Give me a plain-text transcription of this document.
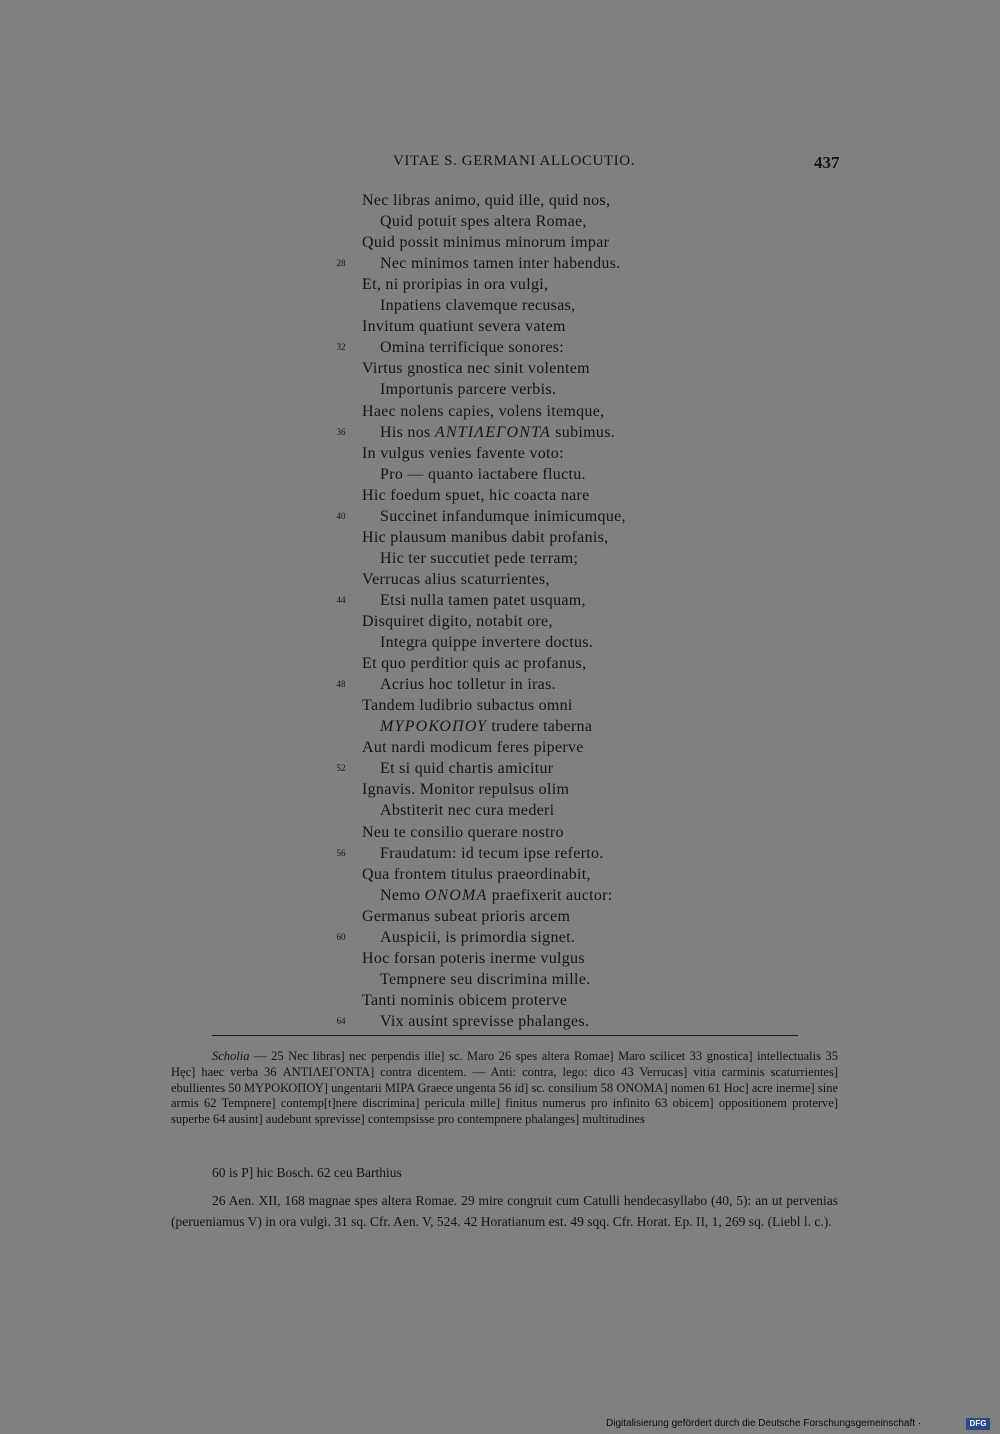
VITAE S. GERMANI ALLOCUTIO.	437
Nec libras animo, quid ille, quid nos,
Quid potuit spes altera Romae,
Quid possit minimus minorum impar
Nec minimos tamen inter habendus.
28
Et, ni proripias in ora vulgi,
Inpatiens clavemque recusas,
Invitum quatiunt severa vatem
Omina terrificique sonores:
32
Virtus gnostica nec sinit volentem
Importunis parcere verbis.
Haec nolens capies, volens itemque,
His nos ΑΝΤΙΛΕΓΟΝΤΑ subimus.
36
In vulgus venies favente voto:
Pro — quanto iactabere fluctu.
Hic foedum spuet, hic coacta nare
Succinet infandumque inimicumque,
40
Hic plausum manibus dabit profanis,
Hic ter succutiet pede terram;
Verrucas alius scaturrientes,
Etsi nulla tamen patet usquam,
44
Disquiret digito, notabit ore,
Integra quippe invertere doctus.
Et quo perditior quis ac profanus,
Acrius hoc tolletur in iras.
48
Tandem ludibrio subactus omni
ΜΥΡΟΚΟΠΟΥ trudere taberna
Aut nardi modicum feres piperve
Et si quid chartis amicitur
52
Ignavis. Monitor repulsus olim
Abstiterit nec cura mederi
Neu te consilio querare nostro
Fraudatum: id tecum ipse referto.
56
Qua frontem titulus praeordinabit,
Nemo ΟΝΟΜΑ praefixerit auctor:
Germanus subeat prioris arcem
Auspicii, is primordia signet.
60
Hoc forsan poteris inerme vulgus
Tempnere seu discrimina mille.
Tanti nominis obicem proterve
Vix ausint sprevisse phalanges.
64
Scholia — 25 Nec libras] nec perpendis ille] sc. Maro 26 spes altera Romae] Maro scilicet 33 gnostica] intellectualis 35 Hęc] haec verba 36 ΑΝΤΙΛΕΓΟΝΤΑ] contra dicentem. — Anti: contra, lego: dico 43 Verrucas] vitia carminis scaturrientes] ebullientes 50 ΜΥΡΟΚΟΠΟΥ] ungentarii ΜΙΡΑ Graece ungenta 56 id] sc. consilium 58 ΟΝΟΜΑ] nomen 61 Hoc] acre inerme] sine armis 62 Tempnere] contemp[t]nere discrimina] pericula mille] finitus numerus pro infinito 63 obicem] oppositionem proterve] superbe 64 ausint] audebunt sprevisse] contempsisse pro contempnere phalanges] multitudines
60 is P] hic Bosch. 62 ceu Barthius
26 Aen. XII, 168 magnae spes altera Romae. 29 mire congruit cum Catulli hendecasyllabo (40, 5): an ut pervenias (perueniamus V) in ora vulgi. 31 sq. Cfr. Aen. V, 524. 42 Horatianum est. 49 sqq. Cfr. Horat. Ep. II, 1, 269 sq. (Liebl l. c.).
Digitalisierung gefördert durch die Deutsche Forschungsgemeinschaft ·	DFG
